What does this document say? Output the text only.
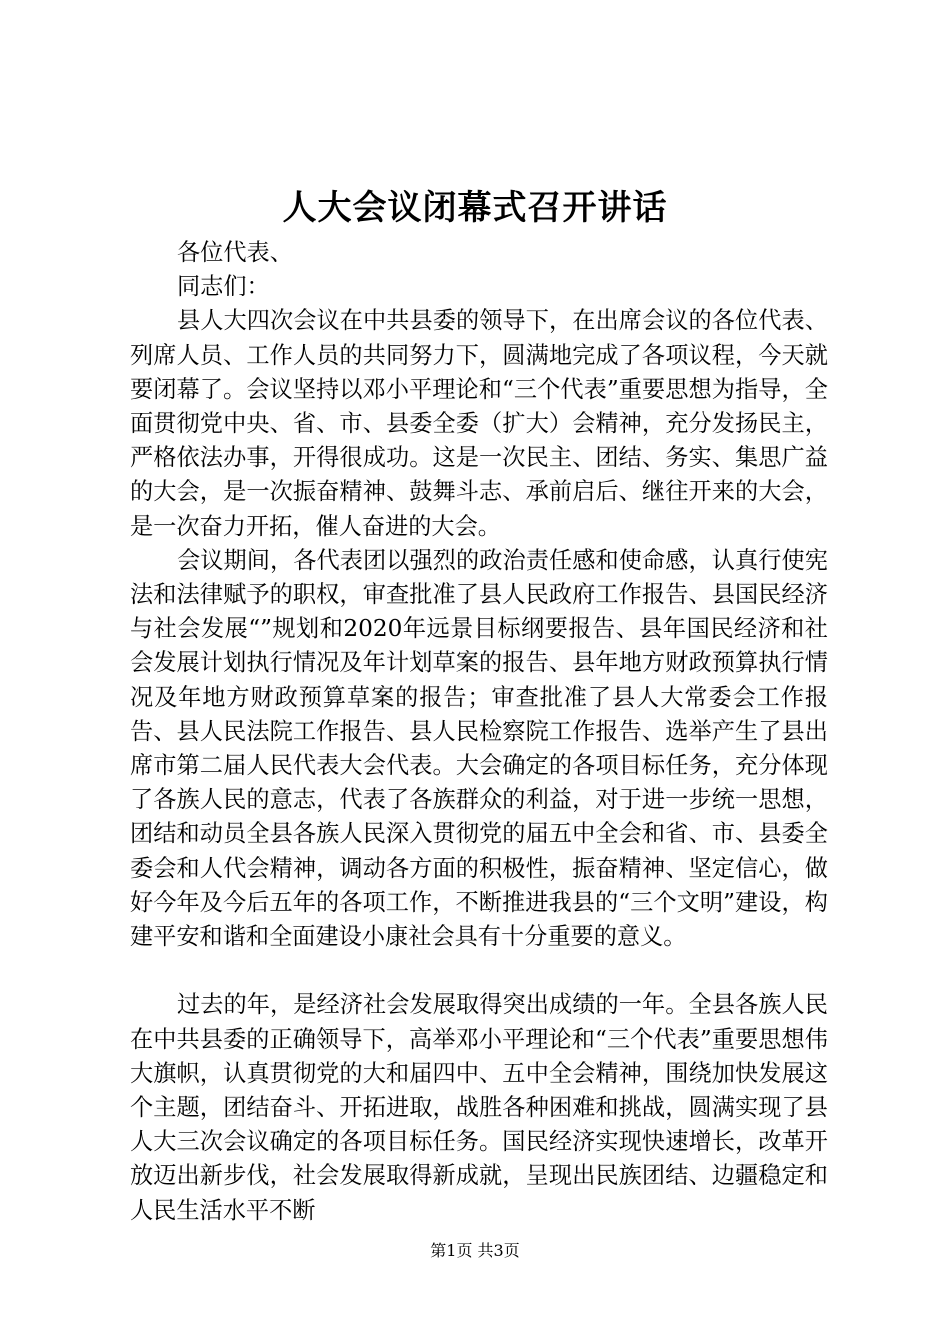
人大会议闭幕式召开讲话

各位代表、

同志们：

县人大四次会议在中共县委的领导下，在出席会议的各位代表、列席人员、工作人员的共同努力下，圆满地完成了各项议程，今天就要闭幕了。会议坚持以邓小平理论和“三个代表”重要思想为指导，全面贯彻党中央、省、市、县委全委（扩大）会精神，充分发扬民主，严格依法办事，开得很成功。这是一次民主、团结、务实、集思广益的大会，是一次振奋精神、鼓舞斗志、承前启后、继往开来的大会，是一次奋力开拓，催人奋进的大会。

会议期间，各代表团以强烈的政治责任感和使命感，认真行使宪法和法律赋予的职权，审查批准了县人民政府工作报告、县国民经济与社会发展“”规划和2020年远景目标纲要报告、县年国民经济和社会发展计划执行情况及年计划草案的报告、县年地方财政预算执行情况及年地方财政预算草案的报告；审查批准了县人大常委会工作报告、县人民法院工作报告、县人民检察院工作报告、选举产生了县出席市第二届人民代表大会代表。大会确定的各项目标任务，充分体现了各族人民的意志，代表了各族群众的利益，对于进一步统一思想，团结和动员全县各族人民深入贯彻党的届五中全会和省、市、县委全委会和人代会精神，调动各方面的积极性，振奋精神、坚定信心，做好今年及今后五年的各项工作，不断推进我县的“三个文明”建设，构建平安和谐和全面建设小康社会具有十分重要的意义。

过去的年，是经济社会发展取得突出成绩的一年。全县各族人民在中共县委的正确领导下，高举邓小平理论和“三个代表”重要思想伟大旗帜，认真贯彻党的大和届四中、五中全会精神，围绕加快发展这个主题，团结奋斗、开拓进取，战胜各种困难和挑战，圆满实现了县人大三次会议确定的各项目标任务。国民经济实现快速增长，改革开放迈出新步伐，社会发展取得新成就，呈现出民族团结、边疆稳定和人民生活水平不断

第1页 共3页
